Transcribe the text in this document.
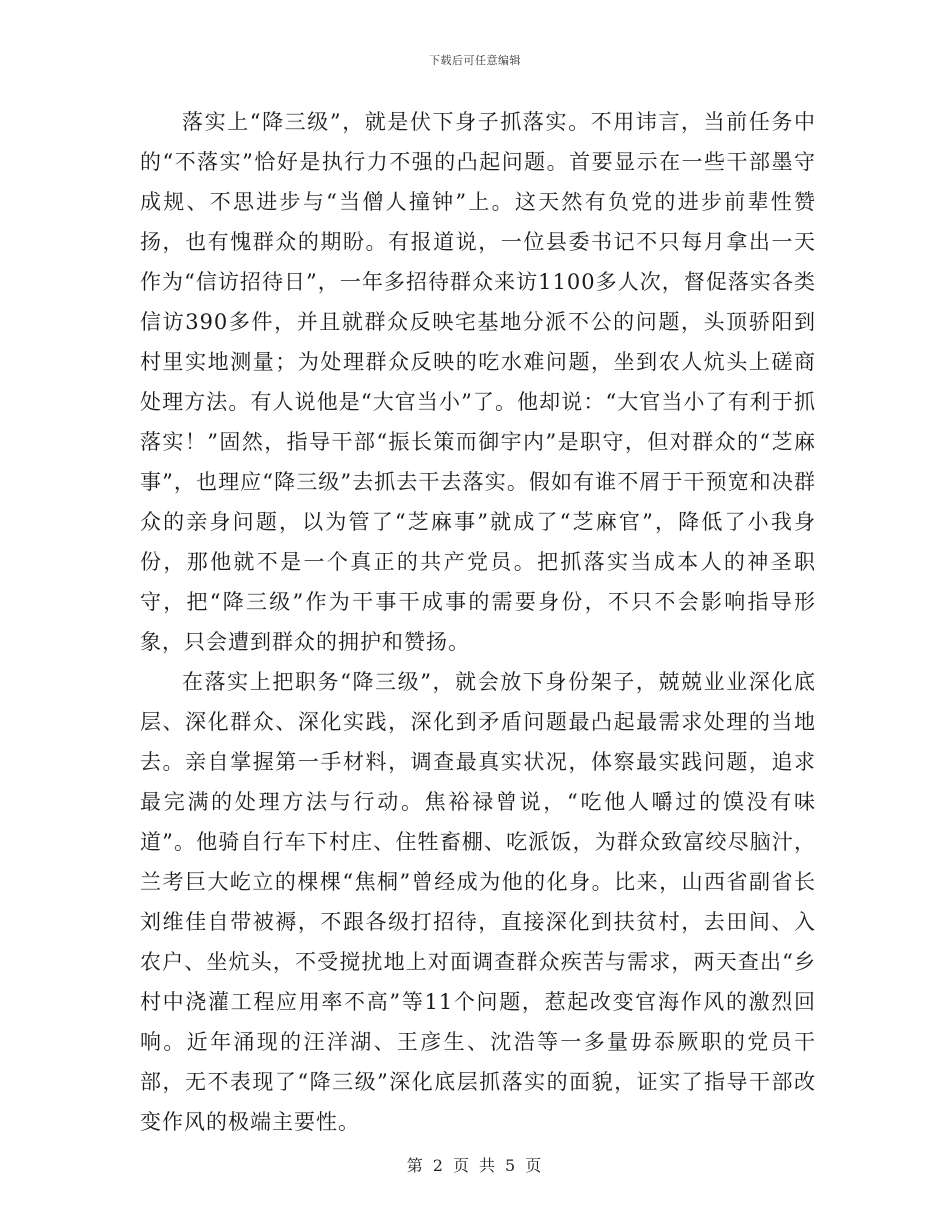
下载后可任意编辑

落实上“降三级”，就是伏下身子抓落实。不用讳言，当前任务中的“不落实”恰好是执行力不强的凸起问题。首要显示在一些干部墨守成规、不思进步与“当僧人撞钟”上。这天然有负党的进步前辈性赞扬，也有愧群众的期盼。有报道说，一位县委书记不只每月拿出一天作为“信访招待日”，一年多招待群众来访1100多人次，督促落实各类信访390多件，并且就群众反映宅基地分派不公的问题，头顶骄阳到村里实地测量；为处理群众反映的吃水难问题，坐到农人炕头上磋商处理方法。有人说他是“大官当小”了。他却说：“大官当小了有利于抓落实！”固然，指导干部“振长策而御宇内”是职守，但对群众的“芝麻事”，也理应“降三级”去抓去干去落实。假如有谁不屑于干预宽和决群众的亲身问题，以为管了“芝麻事”就成了“芝麻官”，降低了小我身份，那他就不是一个真正的共产党员。把抓落实当成本人的神圣职守，把“降三级”作为干事干成事的需要身份，不只不会影响指导形象，只会遭到群众的拥护和赞扬。

在落实上把职务“降三级”，就会放下身份架子，兢兢业业深化底层、深化群众、深化实践，深化到矛盾问题最凸起最需求处理的当地去。亲自掌握第一手材料，调查最真实状况，体察最实践问题，追求最完满的处理方法与行动。焦裕禄曾说，“吃他人嚼过的馍没有味道”。他骑自行车下村庄、住牲畜棚、吃派饭，为群众致富绞尽脑汁，兰考巨大屹立的棵棵“焦桐”曾经成为他的化身。比来，山西省副省长刘维佳自带被褥，不跟各级打招待，直接深化到扶贫村，去田间、入农户、坐炕头，不受搅扰地上对面调查群众疾苦与需求，两天查出“乡村中浇灌工程应用率不高”等11个问题，惹起改变官海作风的激烈回响。近年涌现的汪洋湖、王彦生、沈浩等一多量毋忝厥职的党员干部，无不表现了“降三级”深化底层抓落实的面貌，证实了指导干部改变作风的极端主要性。

第 2 页 共 5 页
